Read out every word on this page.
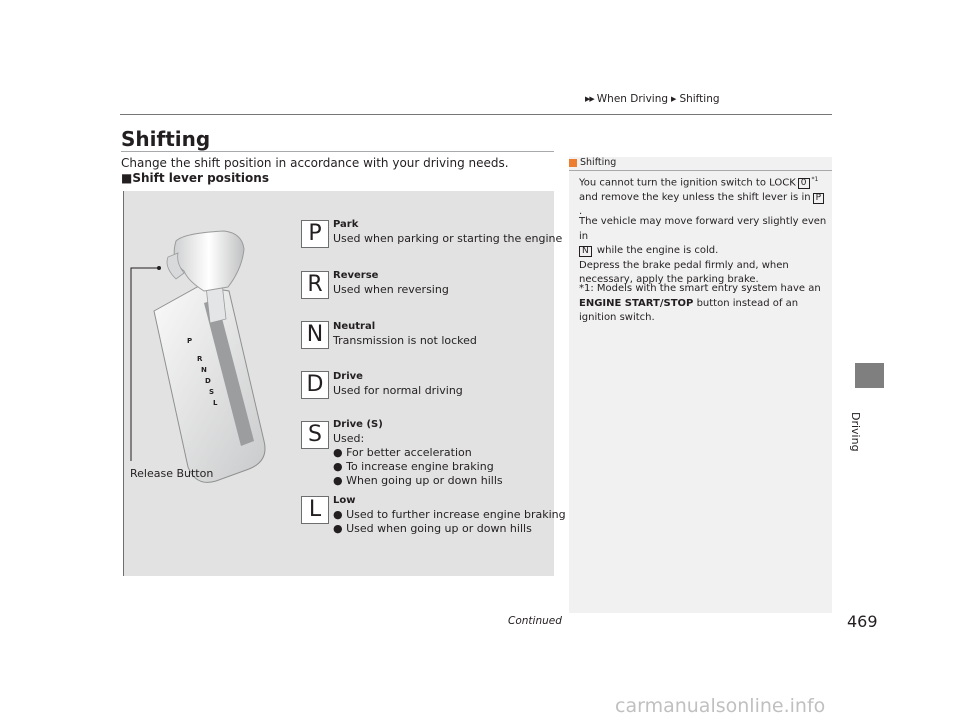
▶▶ When Driving ▶ Shifting
Driving
Shifting
Change the shift position in accordance with your driving needs.
■Shift lever positions
P
R
N
D
S
L
P	Park
Used when parking or starting the engine
R	Reverse
Used when reversing
N Neutral
Transmission is not locked
D Drive
Used for normal driving
S	Drive (S)
Used:
● For better acceleration
● To increase engine braking
● When going up or down hills
L	Low
● Used to further increase engine braking
● Used when going up or down hills
Release Button
Shifting
You cannot turn the ignition switch to LOCK 0 $^{*1}$
and remove the key unless the shift lever is in P.
The vehicle may move forward very slightly even in
N while the engine is cold.
Depress the brake pedal firmly and, when necessary, apply the parking brake.
*1: Models with the smart entry system have an
ENGINE START/STOP button instead of an ignition switch.
Continued	469
carmanualsonline.info
